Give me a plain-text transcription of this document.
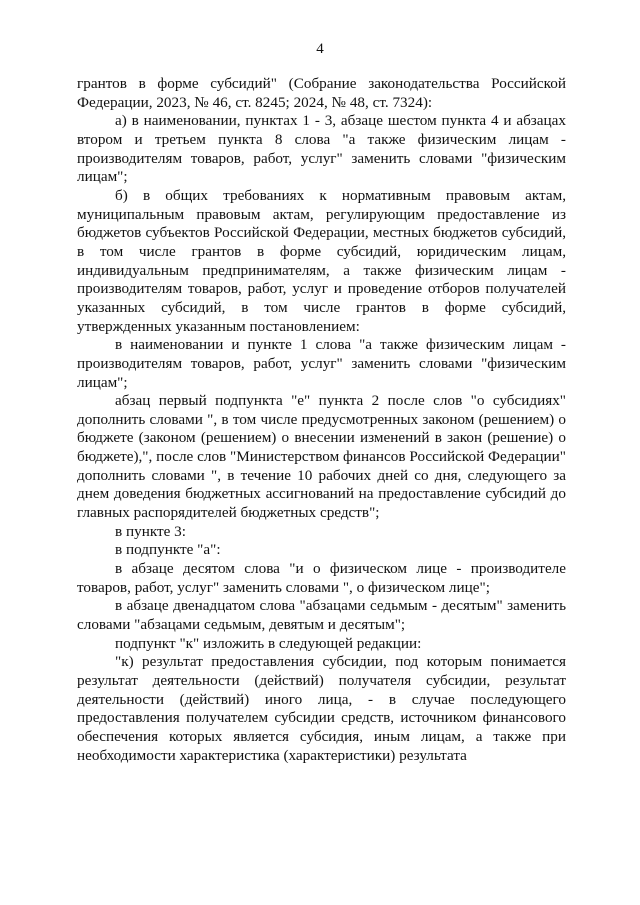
4

грантов в форме субсидий" (Собрание законодательства Российской Федерации, 2023, № 46, ст. 8245; 2024, № 48, ст. 7324):

а) в наименовании, пунктах 1 - 3, абзаце шестом пункта 4 и абзацах втором и третьем пункта 8 слова "а также физическим лицам - производителям товаров, работ, услуг" заменить словами "физическим лицам";

б) в общих требованиях к нормативным правовым актам, муниципальным правовым актам, регулирующим предоставление из бюджетов субъектов Российской Федерации, местных бюджетов субсидий, в том числе грантов в форме субсидий, юридическим лицам, индивидуальным предпринимателям, а также физическим лицам - производителям товаров, работ, услуг и проведение отборов получателей указанных субсидий, в том числе грантов в форме субсидий, утвержденных указанным постановлением:

в наименовании и пункте 1 слова "а также физическим лицам - производителям товаров, работ, услуг" заменить словами "физическим лицам";

абзац первый подпункта "е" пункта 2 после слов "о субсидиях" дополнить словами ", в том числе предусмотренных законом (решением) о бюджете (законом (решением) о внесении изменений в закон (решение) о бюджете),", после слов "Министерством финансов Российской Федерации" дополнить словами ", в течение 10 рабочих дней со дня, следующего за днем доведения бюджетных ассигнований на предоставление субсидий до главных распорядителей бюджетных средств";

в пункте 3:

в подпункте "а":

в абзаце десятом слова "и о физическом лице - производителе товаров, работ, услуг" заменить словами ", о физическом лице";

в абзаце двенадцатом слова "абзацами седьмым - десятым" заменить словами "абзацами седьмым, девятым и десятым";

подпункт "к" изложить в следующей редакции:

"к) результат предоставления субсидии, под которым понимается результат деятельности (действий) получателя субсидии, результат деятельности (действий) иного лица, - в случае последующего предоставления получателем субсидии средств, источником финансового обеспечения которых является субсидия, иным лицам, а также при необходимости характеристика (характеристики) результата
